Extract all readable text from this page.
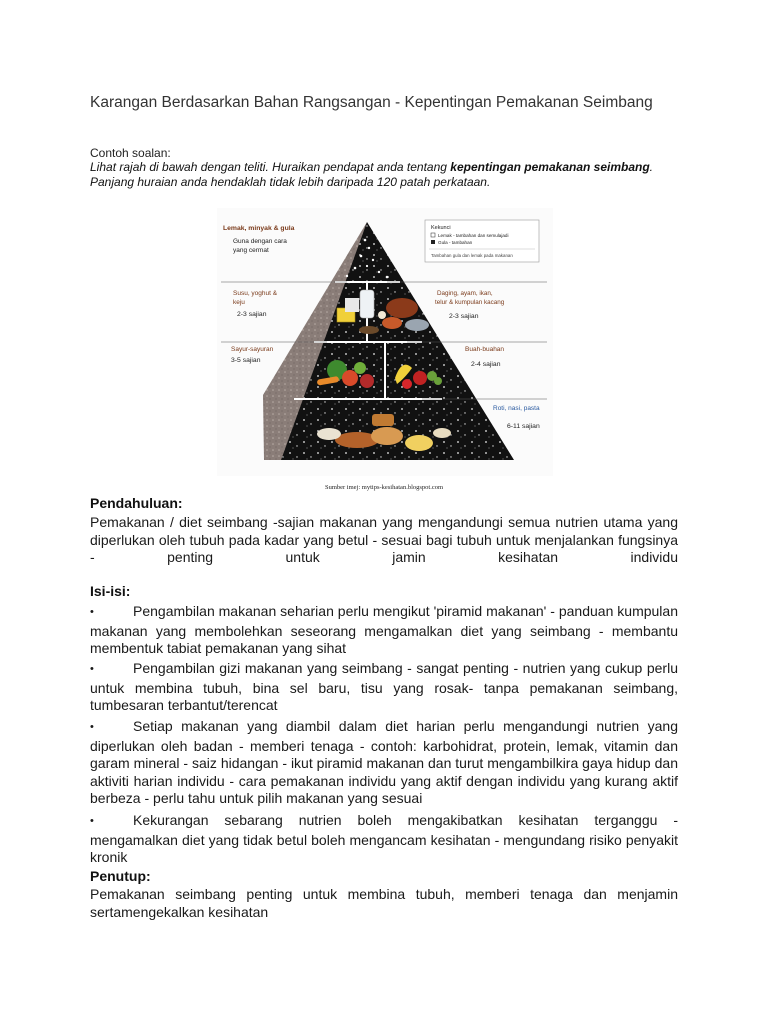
Karangan Berdasarkan Bahan Rangsangan - Kepentingan Pemakanan Seimbang
Contoh soalan:
Lihat rajah di bawah dengan teliti. Huraikan pendapat anda tentang kepentingan pemakanan seimbang. Panjang huraian anda hendaklah tidak lebih daripada 120 patah perkataan.
Lemak, minyak & gula
Guna dengan cara
yang cermat
Susu, yoghut &
keju
2-3 sajian
Daging, ayam, ikan,
telur & kumpulan kacang
2-3 sajian
Sayur-sayuran
3-5 sajian
Buah-buahan
2-4 sajian
Roti, nasi, pasta
6-11 sajian
Kekunci
Lemak - tambahan dan semulajadi
Gula - tambahan
Tambahan gula dan lemak pada makanan
Sumber imej: mytips-kesihatan.blogspot.com
Pendahuluan:
Pemakanan / diet seimbang -sajian makanan yang mengandungi semua nutrien utama yang diperlukan oleh tubuh pada kadar yang betul - sesuai bagi tubuh untuk menjalankan fungsinya - penting untuk jamin kesihatan individu
Isi-isi:
•Pengambilan makanan seharian perlu mengikut 'piramid makanan' - panduan kumpulan makanan yang membolehkan seseorang mengamalkan diet yang seimbang - membantu membentuk tabiat pemakanan yang sihat
•Pengambilan gizi makanan yang seimbang - sangat penting - nutrien yang cukup perlu untuk membina tubuh, bina sel baru, tisu yang rosak- tanpa pemakanan seimbang, tumbesaran terbantut/terencat
•Setiap makanan yang diambil dalam diet harian perlu mengandungi nutrien yang diperlukan oleh badan - memberi tenaga - contoh: karbohidrat, protein, lemak, vitamin dan garam mineral - saiz hidangan - ikut piramid makanan dan turut mengambilkira gaya hidup dan aktiviti harian individu - cara pemakanan individu yang aktif dengan individu yang kurang aktif berbeza - perlu tahu untuk pilih makanan yang sesuai
•Kekurangan sebarang nutrien boleh mengakibatkan kesihatan terganggu - mengamalkan diet yang tidak betul boleh mengancam kesihatan - mengundang risiko penyakit kronik
Penutup:
Pemakanan seimbang penting untuk membina tubuh, memberi tenaga dan menjamin sertamengekalkan kesihatan
